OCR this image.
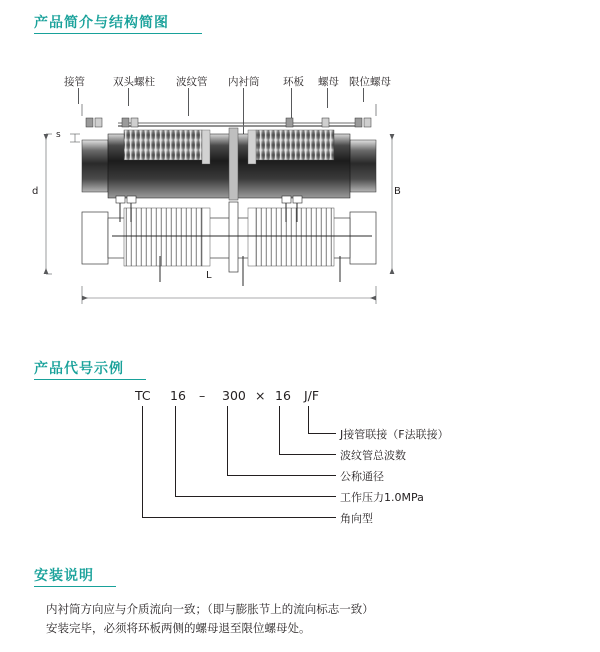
产品简介与结构简图
接管	双头螺柱 波纹管 内衬筒 环板 螺母 限位螺母
s
d	B
L
产品代号示例
TC 16 – 300 × 16 J/F
J接管联接（F法联接）
波纹管总波数
公称通径
工作压力1.0MPa
角向型
安装说明
内衬筒方向应与介质流向一致；（即与膨胀节上的流向标志一致）
安装完毕，必须将环板两侧的螺母退至限位螺母处。
